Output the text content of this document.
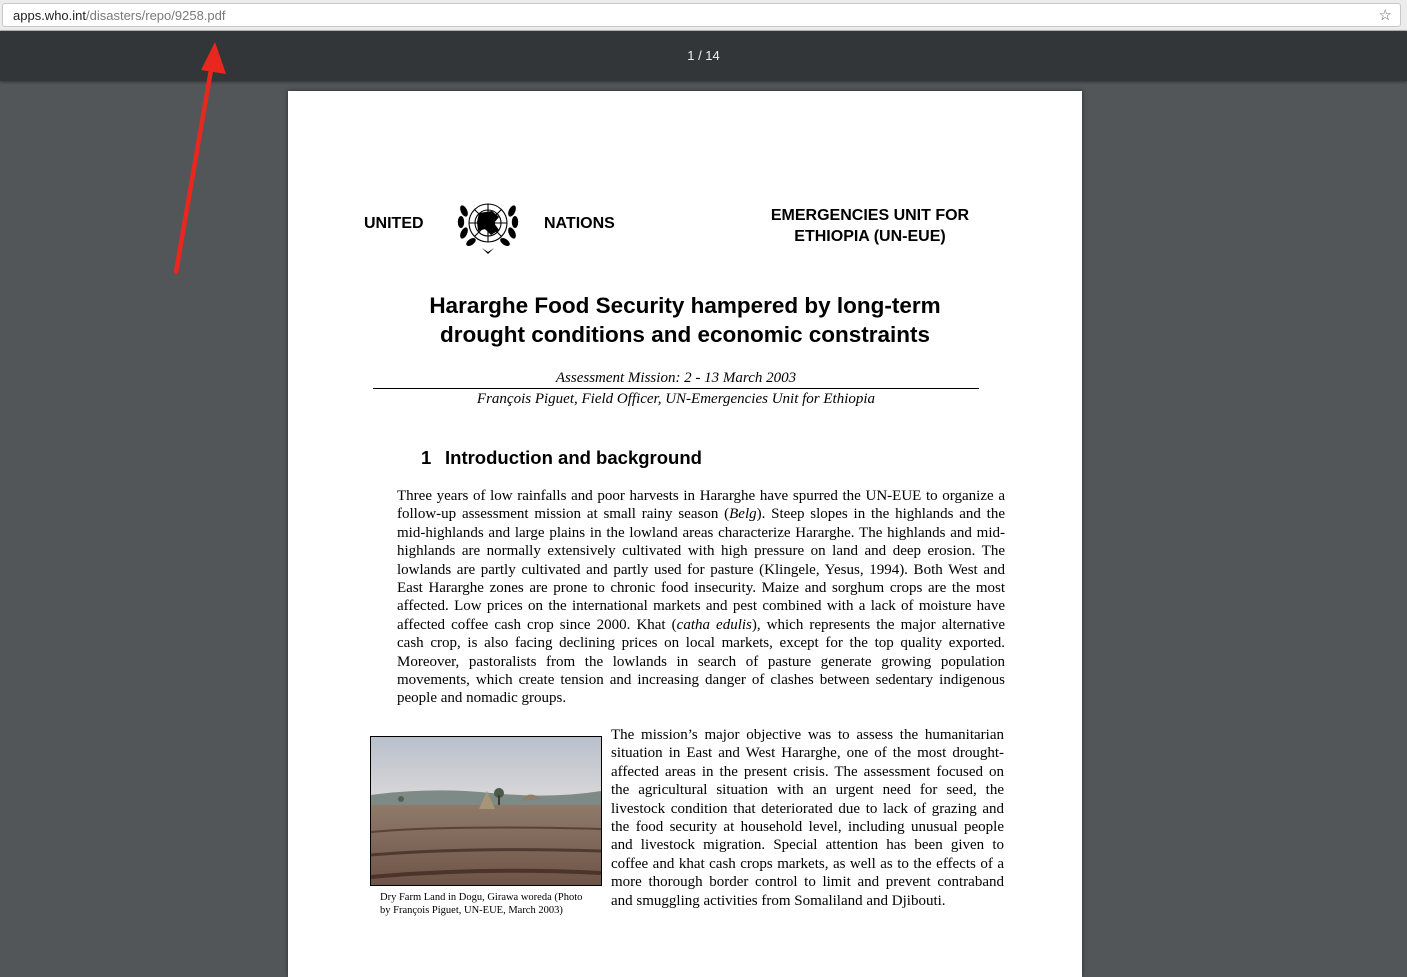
apps.who.int/disasters/repo/9258.pdf	☆
1 / 14
UNITED	NATIONS	EMERGENCIES UNIT FOR
ETHIOPIA (UN-EUE)
Hararghe Food Security hampered by long-term
drought conditions and economic constraints
Assessment Mission: 2 - 13 March 2003
François Piguet, Field Officer, UN-Emergencies Unit for Ethiopia
1 Introduction and background
Three years of low rainfalls and poor harvests in Hararghe have spurred the UN-EUE to organize a follow-up assessment mission at small rainy season (Belg). Steep slopes in the highlands and the mid-highlands and large plains in the lowland areas characterize Hararghe. The highlands and mid-highlands are normally extensively cultivated with high pressure on land and deep erosion. The lowlands are partly cultivated and partly used for pasture (Klingele, Yesus, 1994). Both West and East Hararghe zones are prone to chronic food insecurity. Maize and sorghum crops are the most affected. Low prices on the international markets and pest combined with a lack of moisture have affected coffee cash crop since 2000. Khat (catha edulis), which represents the major alternative cash crop, is also facing declining prices on local markets, except for the top quality exported. Moreover, pastoralists from the lowlands in search of pasture generate growing population movements, which create tension and increasing danger of clashes between sedentary indigenous people and nomadic groups.
Dry Farm Land in Dogu, Girawa woreda (Photo by François Piguet, UN-EUE, March 2003)
The mission’s major objective was to assess the humanitarian situation in East and West Hararghe, one of the most drought-affected areas in the present crisis. The assessment focused on the agricultural situation with an urgent need for seed, the livestock condition that deteriorated due to lack of grazing and the food security at household level, including unusual people and livestock migration. Special attention has been given to coffee and khat cash crops markets, as well as to the effects of a more thorough border control to limit and prevent contraband and smuggling activities from Somaliland and Djibouti.
